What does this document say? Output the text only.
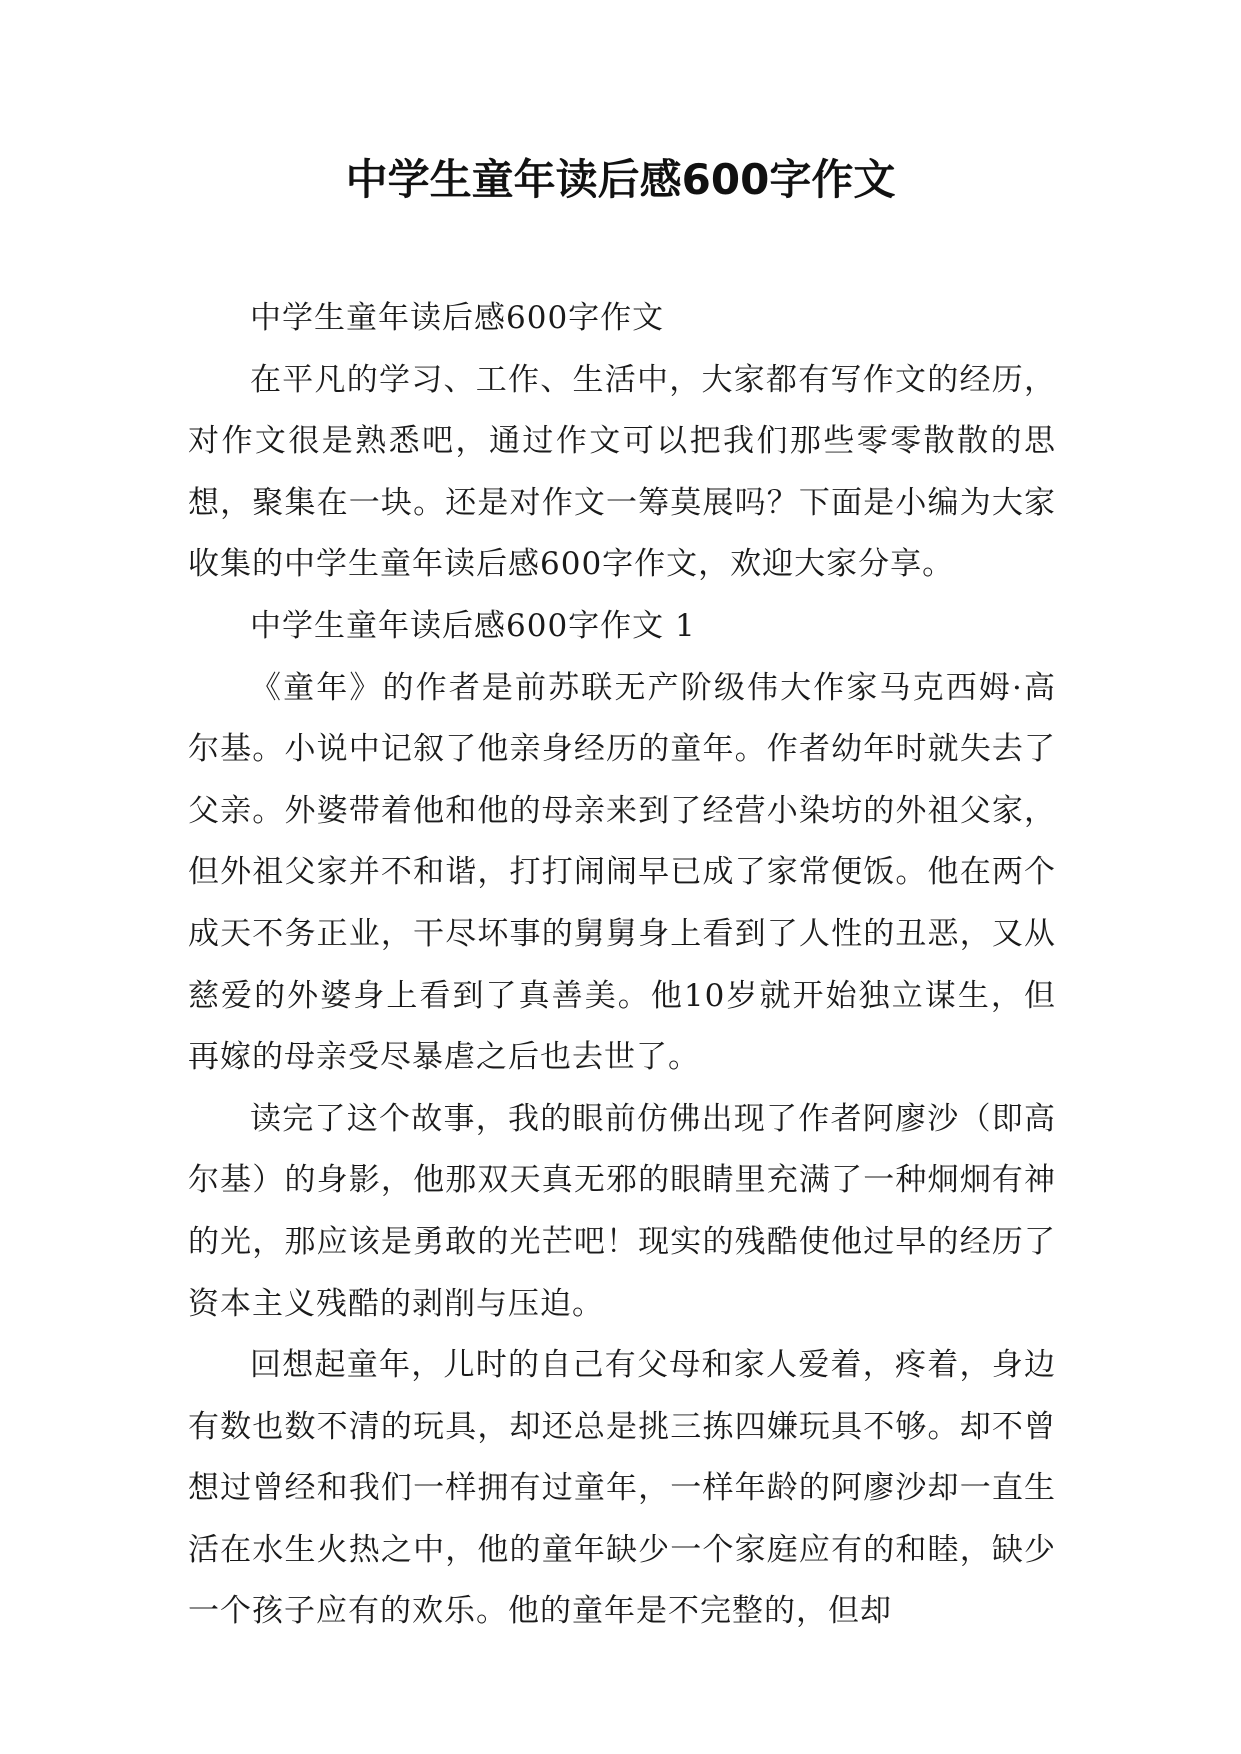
中学生童年读后感600字作文

中学生童年读后感600字作文

在平凡的学习、工作、生活中，大家都有写作文的经历，对作文很是熟悉吧，通过作文可以把我们那些零零散散的思想，聚集在一块。还是对作文一筹莫展吗？下面是小编为大家收集的中学生童年读后感600字作文，欢迎大家分享。

中学生童年读后感600字作文 1

《童年》的作者是前苏联无产阶级伟大作家马克西姆·高尔基。小说中记叙了他亲身经历的童年。作者幼年时就失去了父亲。外婆带着他和他的母亲来到了经营小染坊的外祖父家，但外祖父家并不和谐，打打闹闹早已成了家常便饭。他在两个成天不务正业，干尽坏事的舅舅身上看到了人性的丑恶，又从慈爱的外婆身上看到了真善美。他10岁就开始独立谋生，但再嫁的母亲受尽暴虐之后也去世了。

读完了这个故事，我的眼前仿佛出现了作者阿廖沙（即高尔基）的身影，他那双天真无邪的眼睛里充满了一种炯炯有神的光，那应该是勇敢的光芒吧！现实的残酷使他过早的经历了资本主义残酷的剥削与压迫。

回想起童年，儿时的自己有父母和家人爱着，疼着，身边有数也数不清的玩具，却还总是挑三拣四嫌玩具不够。却不曾想过曾经和我们一样拥有过童年，一样年龄的阿廖沙却一直生活在水生火热之中，他的童年缺少一个家庭应有的和睦，缺少一个孩子应有的欢乐。他的童年是不完整的，但却
